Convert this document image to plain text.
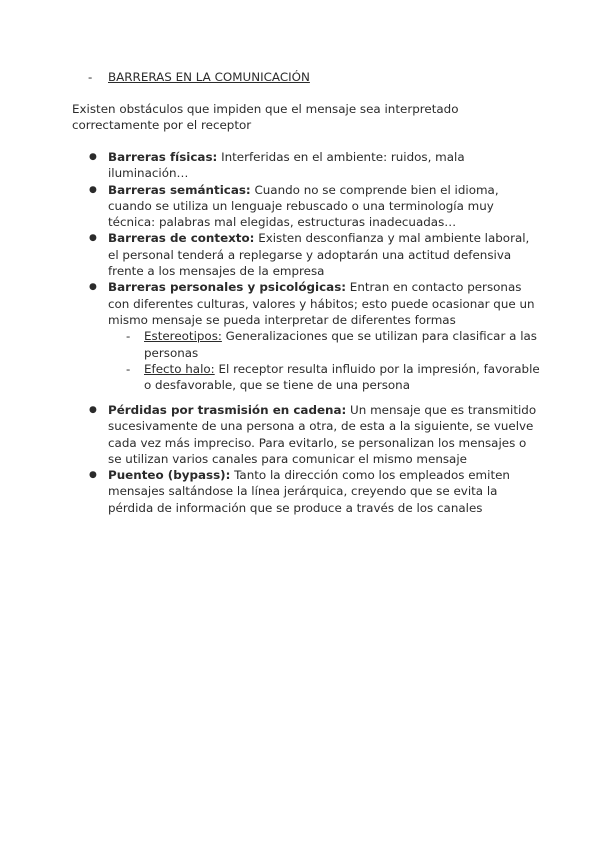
- BARRERAS EN LA COMUNICACIÓN

Existen obstáculos que impiden que el mensaje sea interpretado correctamente por el receptor

● Barreras físicas: Interferidas en el ambiente: ruidos, mala iluminación…
● Barreras semánticas: Cuando no se comprende bien el idioma, cuando se utiliza un lenguaje rebuscado o una terminología muy técnica: palabras mal elegidas, estructuras inadecuadas…
● Barreras de contexto: Existen desconfianza y mal ambiente laboral, el personal tenderá a replegarse y adoptarán una actitud defensiva frente a los mensajes de la empresa
● Barreras personales y psicológicas: Entran en contacto personas con diferentes culturas, valores y hábitos; esto puede ocasionar que un mismo mensaje se pueda interpretar de diferentes formas
- Estereotipos: Generalizaciones que se utilizan para clasificar a las personas
- Efecto halo: El receptor resulta influido por la impresión, favorable o desfavorable, que se tiene de una persona
● Pérdidas por trasmisión en cadena: Un mensaje que es transmitido sucesivamente de una persona a otra, de esta a la siguiente, se vuelve cada vez más impreciso. Para evitarlo, se personalizan los mensajes o se utilizan varios canales para comunicar el mismo mensaje
● Puenteo (bypass): Tanto la dirección como los empleados emiten mensajes saltándose la línea jerárquica, creyendo que se evita la pérdida de información que se produce a través de los canales
